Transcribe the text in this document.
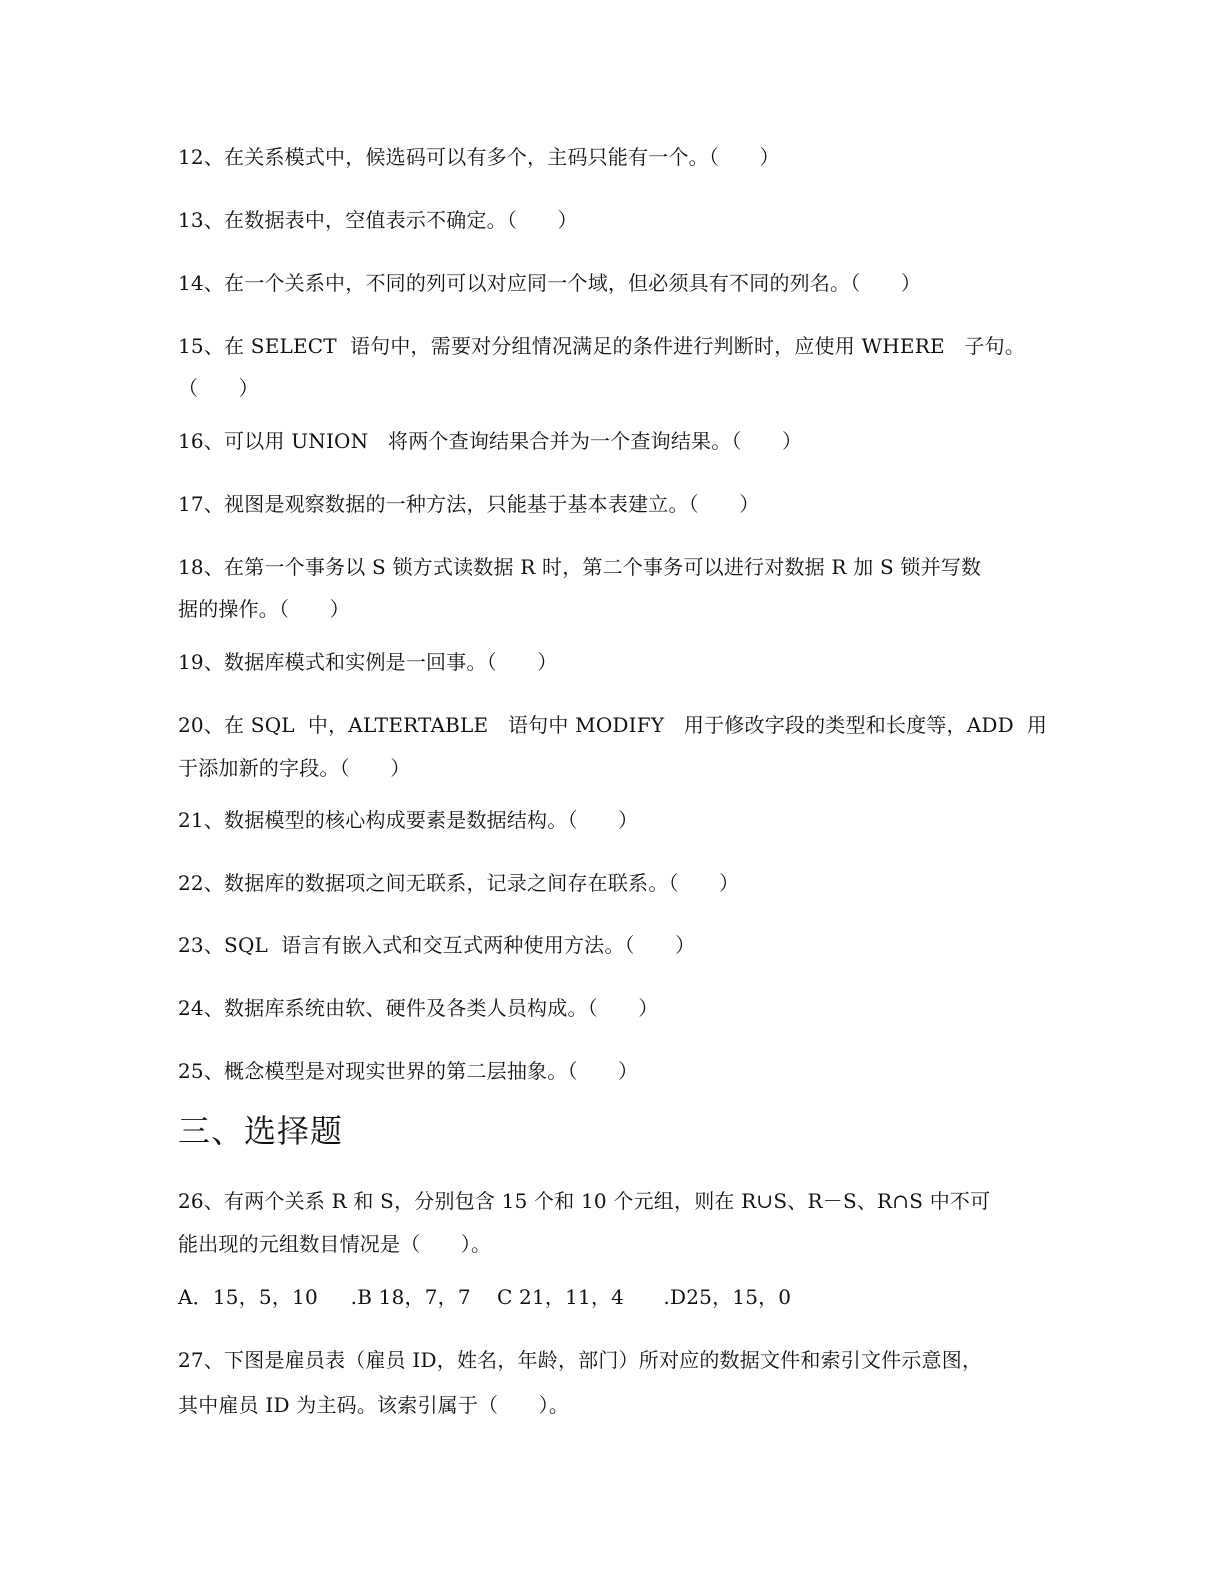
12、在关系模式中，候选码可以有多个，主码只能有一个。（　　）
13、在数据表中，空值表示不确定。（　　）
14、在一个关系中，不同的列可以对应同一个域，但必须具有不同的列名。（　　）
15、在 SELECT  语句中，需要对分组情况满足的条件进行判断时，应使用 WHERE   子句。
（　　）
16、可以用 UNION   将两个查询结果合并为一个查询结果。（　　）
17、视图是观察数据的一种方法，只能基于基本表建立。（　　）
18、在第一个事务以 S 锁方式读数据 R 时，第二个事务可以进行对数据 R 加 S 锁并写数
据的操作。（　　）
19、数据库模式和实例是一回事。（　　）
20、在 SQL  中，ALTERTABLE   语句中 MODIFY   用于修改字段的类型和长度等，ADD  用
于添加新的字段。（　　）
21、数据模型的核心构成要素是数据结构。（　　）
22、数据库的数据项之间无联系，记录之间存在联系。（　　）
23、SQL  语言有嵌入式和交互式两种使用方法。（　　）
24、数据库系统由软、硬件及各类人员构成。（　　）
25、概念模型是对现实世界的第二层抽象。（　　）
三、选择题
26、有两个关系 R 和 S，分别包含 15 个和 10 个元组，则在 R∪S、R－S、R∩S 中不可
能出现的元组数目情况是（　　）。
A．15，5，10     .B 18，7，7    C 21，11，4      .D25，15，0
27、下图是雇员表（雇员 ID，姓名，年龄，部门）所对应的数据文件和索引文件示意图，
其中雇员 ID 为主码。该索引属于（　　）。
